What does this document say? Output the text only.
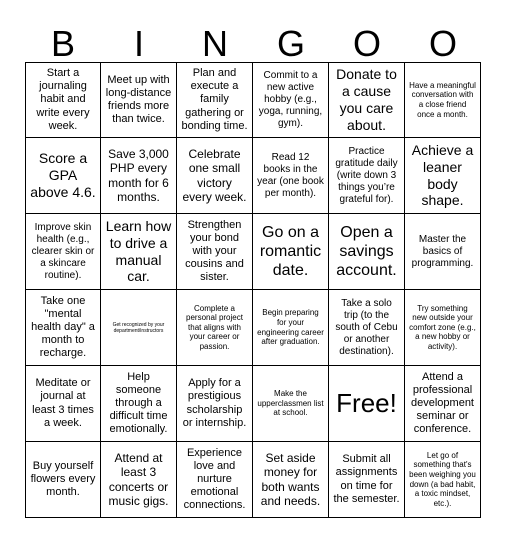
B	I	N	G	O	O
Start a journaling habit and write every week.
Meet up with long-distance friends more than twice.
Plan and execute a family gathering or bonding time.
Commit to a new active hobby (e.g., yoga, running, gym).
Donate to a cause you care about.
Have a meaningful conversation with a close friend once a month.
Score a GPA above 4.6.
Save 3,000 PHP every month for 6 months.
Celebrate one small victory every week.
Read 12 books in the year (one book per month).
Practice gratitude daily (write down 3 things you’re grateful for).
Achieve a leaner body shape.
Improve skin health (e.g., clearer skin or a skincare routine).
Learn how to drive a manual car.
Strengthen your bond with your cousins and sister.
Go on a romantic date.
Open a savings account.
Master the basics of programming.
Take one "mental health day" a month to recharge.
Get recognized by your department/instructors
Complete a personal project that aligns with your career or passion.
Begin preparing for your engineering career after graduation.
Take a solo trip (to the south of Cebu or another destination).
Try something new outside your comfort zone (e.g., a new hobby or activity).
Meditate or journal at least 3 times a week.
Help someone through a difficult time emotionally.
Apply for a prestigious scholarship or internship.
Make the upperclassmen list at school.	Free!
Attend a professional development seminar or conference.
Buy yourself flowers every month.
Attend at least 3 concerts or music gigs.
Experience love and nurture emotional connections.
Set aside money for both wants and needs.
Submit all assignments on time for the semester.
Let go of something that's been weighing you down (a bad habit, a toxic mindset, etc.).
